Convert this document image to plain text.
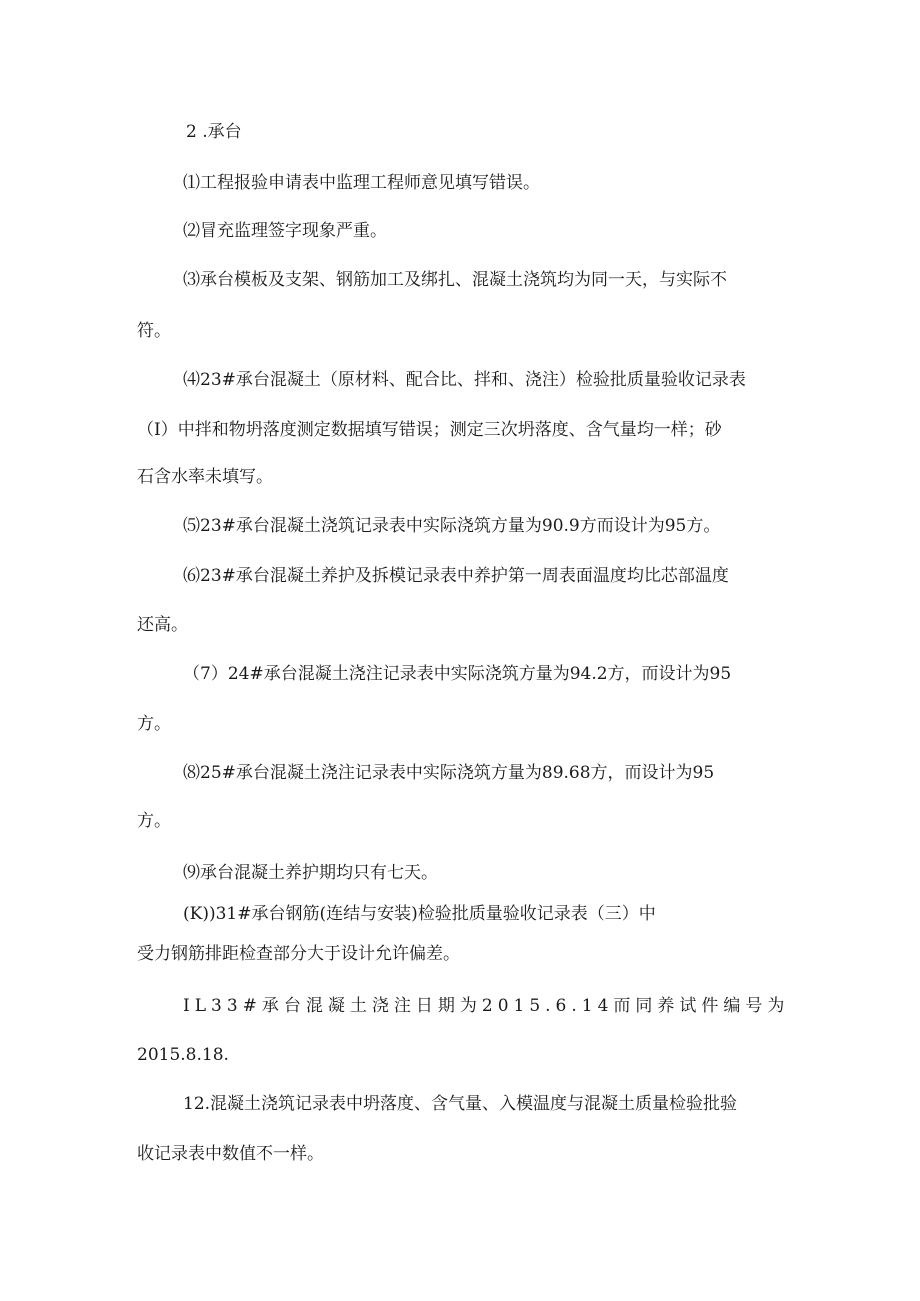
2 .承台
⑴工程报验申请表中监理工程师意见填写错误。
⑵冒充监理签字现象严重。
⑶承台模板及支架、钢筋加工及绑扎、混凝土浇筑均为同一天，与实际不
符。
⑷23#承台混凝土（原材料、配合比、拌和、浇注）检验批质量验收记录表
（I）中拌和物坍落度测定数据填写错误；测定三次坍落度、含气量均一样；砂
石含水率未填写。
⑸23#承台混凝土浇筑记录表中实际浇筑方量为90.9方而设计为95方。
⑹23#承台混凝土养护及拆模记录表中养护第一周表面温度均比芯部温度
还高。
（7）24#承台混凝土浇注记录表中实际浇筑方量为94.2方，而设计为95
方。
⑻25#承台混凝土浇注记录表中实际浇筑方量为89.68方，而设计为95
方。
⑼承台混凝土养护期均只有七天。
(K))31#承台钢筋(连结与安装)检验批质量验收记录表（三）中
受力钢筋排距检查部分大于设计允许偏差。
IL33#承台混凝土浇注日期为2015.6.14而同养试件编号为
2015.8.18.
12.混凝土浇筑记录表中坍落度、含气量、入模温度与混凝土质量检验批验
收记录表中数值不一样。
